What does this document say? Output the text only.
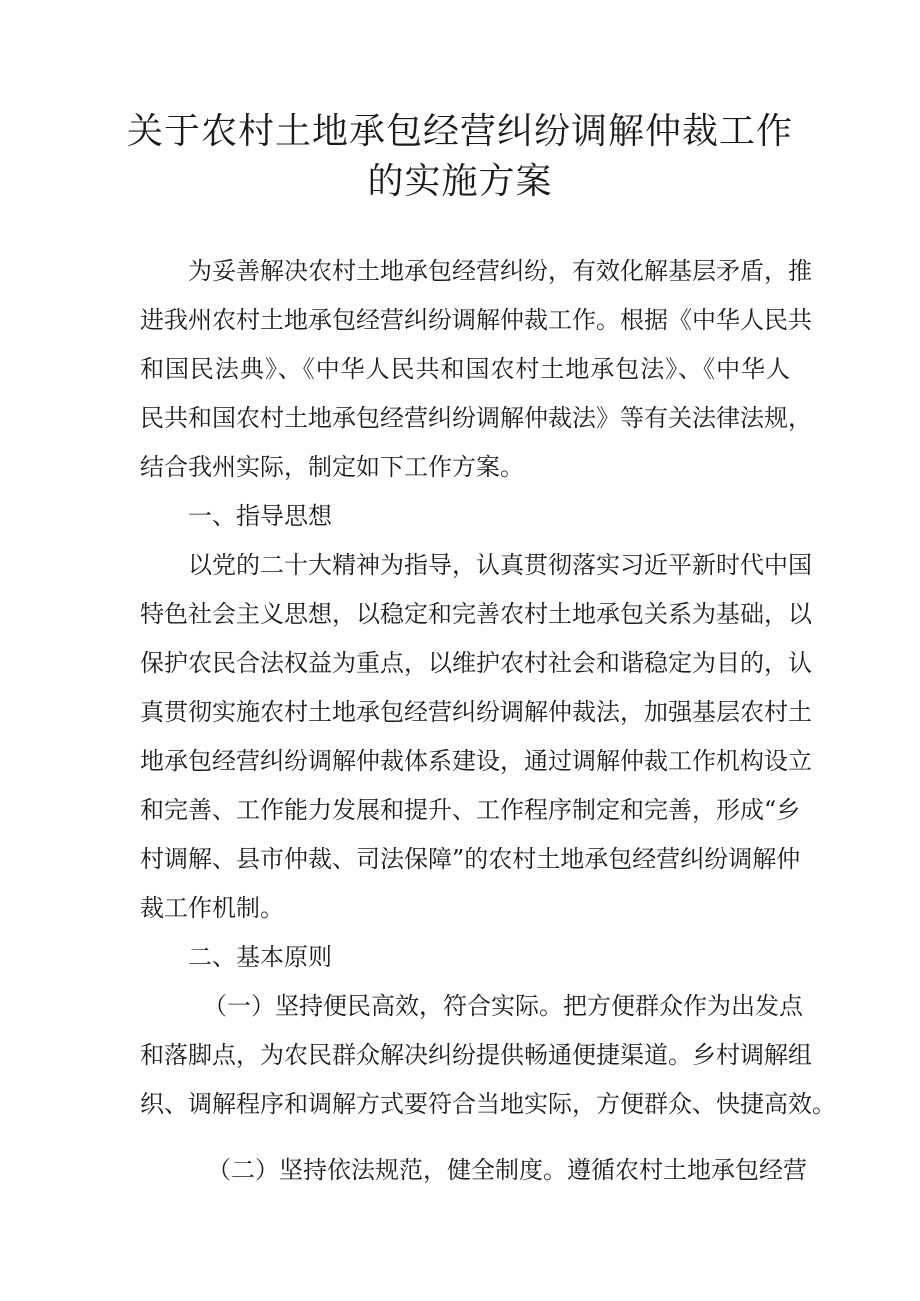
关于农村土地承包经营纠纷调解仲裁工作
的实施方案
为妥善解决农村土地承包经营纠纷，有效化解基层矛盾，推
进我州农村土地承包经营纠纷调解仲裁工作。根据《中华人民共
和国民法典》、《中华人民共和国农村土地承包法》、《中华人
民共和国农村土地承包经营纠纷调解仲裁法》等有关法律法规，
结合我州实际，制定如下工作方案。
一、指导思想
以党的二十大精神为指导，认真贯彻落实习近平新时代中国
特色社会主义思想，以稳定和完善农村土地承包关系为基础，以
保护农民合法权益为重点，以维护农村社会和谐稳定为目的，认
真贯彻实施农村土地承包经营纠纷调解仲裁法，加强基层农村土
地承包经营纠纷调解仲裁体系建设，通过调解仲裁工作机构设立
和完善、工作能力发展和提升、工作程序制定和完善，形成“乡
村调解、县市仲裁、司法保障”的农村土地承包经营纠纷调解仲
裁工作机制。
二、基本原则
（一）坚持便民高效，符合实际。把方便群众作为出发点
和落脚点，为农民群众解决纠纷提供畅通便捷渠道。乡村调解组
织、调解程序和调解方式要符合当地实际，方便群众、快捷高效。
（二）坚持依法规范，健全制度。遵循农村土地承包经营
